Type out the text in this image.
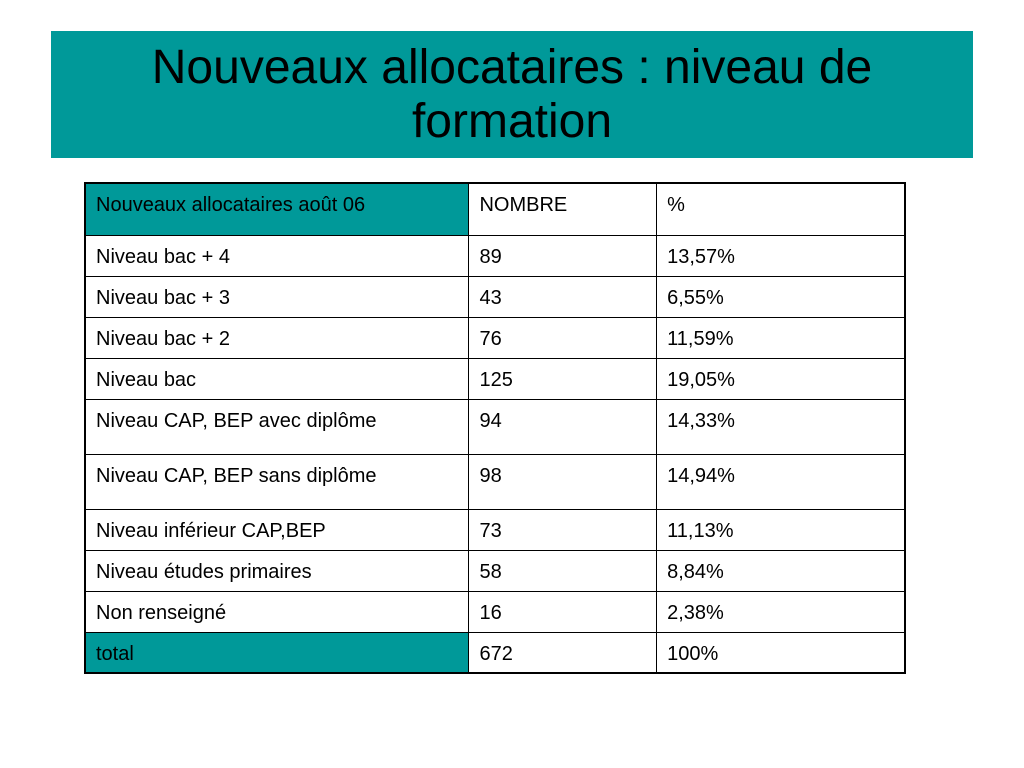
Nouveaux allocataires : niveau de formation
Nouveaux allocataires août 06	NOMBRE	%
Niveau bac + 4	89	13,57%
Niveau bac + 3	43	6,55%
Niveau bac + 2	76	11,59%
Niveau bac	125	19,05%
Niveau CAP, BEP avec diplôme	94	14,33%
Niveau CAP, BEP sans diplôme	98	14,94%
Niveau inférieur CAP,BEP	73	11,13%
Niveau études primaires	58	8,84%
Non renseigné	16	2,38%
total	672	100%
